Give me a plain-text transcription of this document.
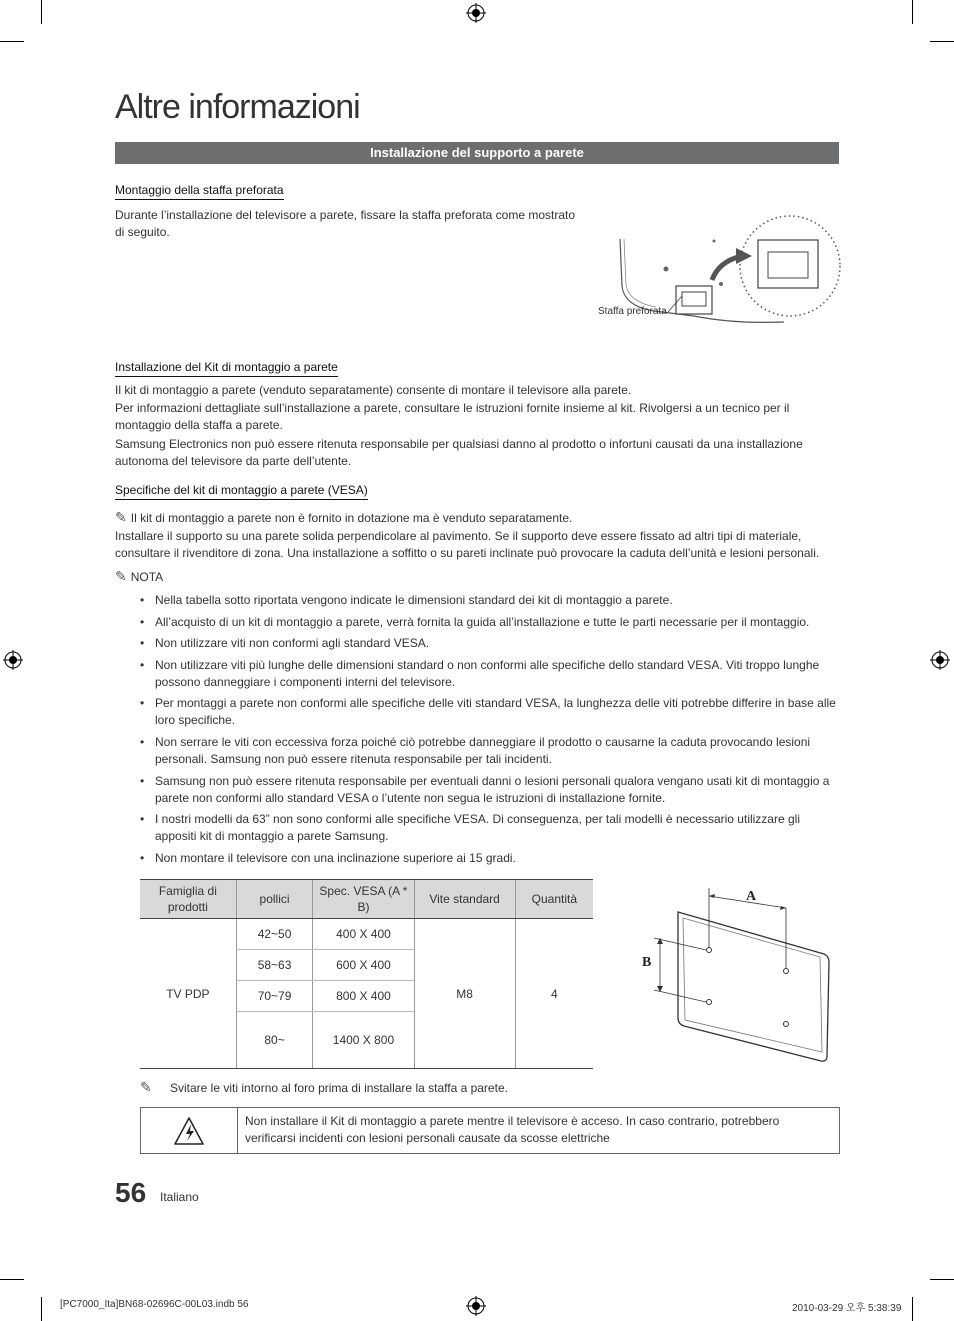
Altre informazioni
Installazione del supporto a parete
Montaggio della staffa preforata

Durante l’installazione del televisore a parete, fissare la staffa preforata come mostrato di seguito.

Staffa preforata
Installazione del Kit di montaggio a parete

Il kit di montaggio a parete (venduto separatamente) consente di montare il televisore alla parete.

Per informazioni dettagliate sull’installazione a parete, consultare le istruzioni fornite insieme al kit. Rivolgersi a un tecnico per il montaggio della staffa a parete.

Samsung Electronics non può essere ritenuta responsabile per qualsiasi danno al prodotto o infortuni causati da una installazione autonoma del televisore da parte dell’utente.

Specifiche del kit di montaggio a parete (VESA)
✎ Il kit di montaggio a parete non è fornito in dotazione ma è venduto separatamente.

Installare il supporto su una parete solida perpendicolare al pavimento. Se il supporto deve essere fissato ad altri tipi di materiale, consultare il rivenditore di zona. Una installazione a soffitto o su pareti inclinate può provocare la caduta dell’unità e lesioni personali.

✎ NOTA
• Nella tabella sotto riportata vengono indicate le dimensioni standard dei kit di montaggio a parete.
• All’acquisto di un kit di montaggio a parete, verrà fornita la guida all’installazione e tutte le parti necessarie per il montaggio.
• Non utilizzare viti non conformi agli standard VESA.
• Non utilizzare viti più lunghe delle dimensioni standard o non conformi alle specifiche dello standard VESA. Viti troppo lunghe possono danneggiare i componenti interni del televisore.
• Per montaggi a parete non conformi alle specifiche delle viti standard VESA, la lunghezza delle viti potrebbe differire in base alle loro specifiche.
• Non serrare le viti con eccessiva forza poiché ciò potrebbe danneggiare il prodotto o causarne la caduta provocando lesioni personali. Samsung non può essere ritenuta responsabile per tali incidenti.
• Samsung non può essere ritenuta responsabile per eventuali danni o lesioni personali qualora vengano usati kit di montaggio a parete non conformi allo standard VESA o l’utente non segua le istruzioni di installazione fornite.
• I nostri modelli da 63” non sono conformi alle specifiche VESA. Di conseguenza, per tali modelli è necessario utilizzare gli appositi kit di montaggio a parete Samsung.
• Non montare il televisore con una inclinazione superiore ai 15 gradi.
Famiglia di prodotti	pollici	Spec. VESA (A * B)	Vite standard	Quantità
TV PDP	42~50	400 X 400	M8	4
	58~63	600 X 400		
	70~79	800 X 400		
	80~	1400 X 800		
A
B
✎	Svitare le viti intorno al foro prima di installare la staffa a parete.
Non installare il Kit di montaggio a parete mentre il televisore è acceso. In caso contrario, potrebbero verificarsi incidenti con lesioni personali causate da scosse elettriche
56 Italiano
[PC7000_Ita]BN68-02696C-00L03.indb 56	2010-03-29 오후 5:38:39
